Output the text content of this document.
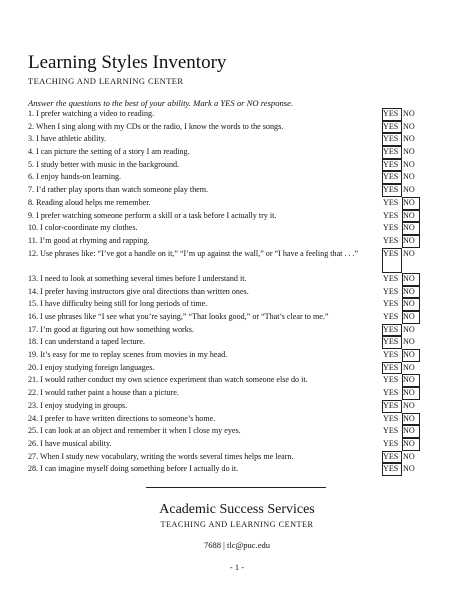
Learning Styles Inventory
TEACHING AND LEARNING CENTER
Answer the questions to the best of your ability. Mark a YES or NO response.
1. I prefer watching a video to reading.	YES NO
2. When I sing along with my CDs or the radio, I know the words to the songs.	YES NO
3. I have athletic ability.	YES NO
4. I can picture the setting of a story I am reading.	YES NO
5. I study better with music in the background.	YES NO
6. I enjoy hands-on learning.	YES NO
7. I’d rather play sports than watch someone play them.	YES NO
8. Reading aloud helps me remember.	YES NO
9. I prefer watching someone perform a skill or a task before I actually try it.	YES NO
10. I color-coordinate my clothes.	YES NO
11. I’m good at rhyming and rapping.	YES NO
12. Use phrases like: “I’ve got a handle on it,” “I’m up against the wall,” or “I have a feeling that . . .”	YES NO
13. I need to look at something several times before I understand it.	YES NO
14. I prefer having instructors give oral directions than written ones.	YES NO
15. I have difficulty being still for long periods of time.	YES NO
16. I use phrases like “I see what you’re saying,” “That looks good,” or “That’s clear to me.”	YES NO
17. I’m good at figuring out how something works.	YES NO
18. I can understand a taped lecture.	YES NO
19. It’s easy for me to replay scenes from movies in my head.	YES NO
20. I enjoy studying foreign languages.	YES NO
21. I would rather conduct my own science experiment than watch someone else do it.	YES NO
22. I would rather paint a house than a picture.	YES NO
23. I enjoy studying in groups.	YES NO
24. I prefer to have written directions to someone’s home.	YES NO
25. I can look at an object and remember it when I close my eyes.	YES NO
26. I have musical ability.	YES NO
27. When I study new vocabulary, writing the words several times helps me learn.	YES NO
28. I can imagine myself doing something before I actually do it.	YES NO
Academic Success Services
TEACHING AND LEARNING CENTER
7688 | tlc@puc.edu
- 1 -
